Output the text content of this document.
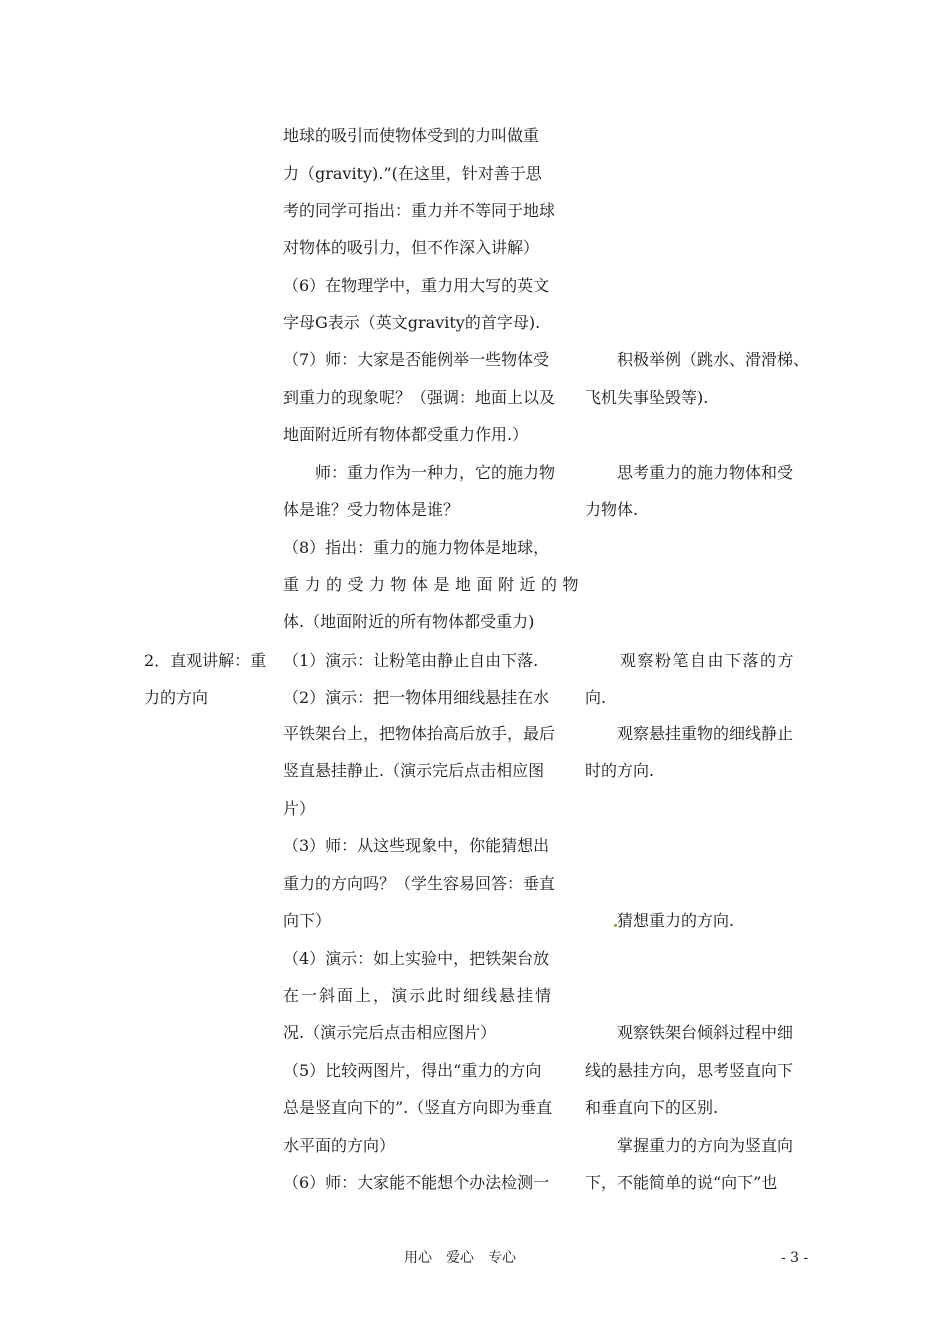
2．直观讲解：重
力的方向
地球的吸引而使物体受到的力叫做重
力（gravity).”(在这里，针对善于思
考的同学可指出：重力并不等同于地球
对物体的吸引力，但不作深入讲解）
（6）在物理学中，重力用大写的英文
字母G表示（英文gravity的首字母).
（7）师：大家是否能例举一些物体受
到重力的现象呢？（强调：地面上以及
地面附近所有物体都受重力作用.）
　　师：重力作为一种力，它的施力物
体是谁？受力物体是谁？
（8）指出：重力的施力物体是地球，
重力的受力物体是地面附近的物
体.（地面附近的所有物体都受重力)
（1）演示：让粉笔由静止自由下落.
（2）演示：把一物体用细线悬挂在水
平铁架台上，把物体抬高后放手，最后
竖直悬挂静止.（演示完后点击相应图
片）
（3）师：从这些现象中，你能猜想出
重力的方向吗？（学生容易回答：垂直
向下）
（4）演示：如上实验中，把铁架台放
在一斜面上，演示此时细线悬挂情
况.（演示完后点击相应图片）
（5）比较两图片，得出“重力的方向
总是竖直向下的”.（竖直方向即为垂直
水平面的方向）
（6）师：大家能不能想个办法检测一
　　积极举例（跳水、滑滑梯、
飞机失事坠毁等).
　　思考重力的施力物体和受
力物体.
　　观察粉笔自由下落的方
向.
　　观察悬挂重物的细线静止
时的方向.
　　猜想重力的方向.
　　观察铁架台倾斜过程中细
线的悬挂方向，思考竖直向下
和垂直向下的区别.
　　掌握重力的方向为竖直向
下，不能简单的说“向下”也
用心　爱心　专心	- 3 -
